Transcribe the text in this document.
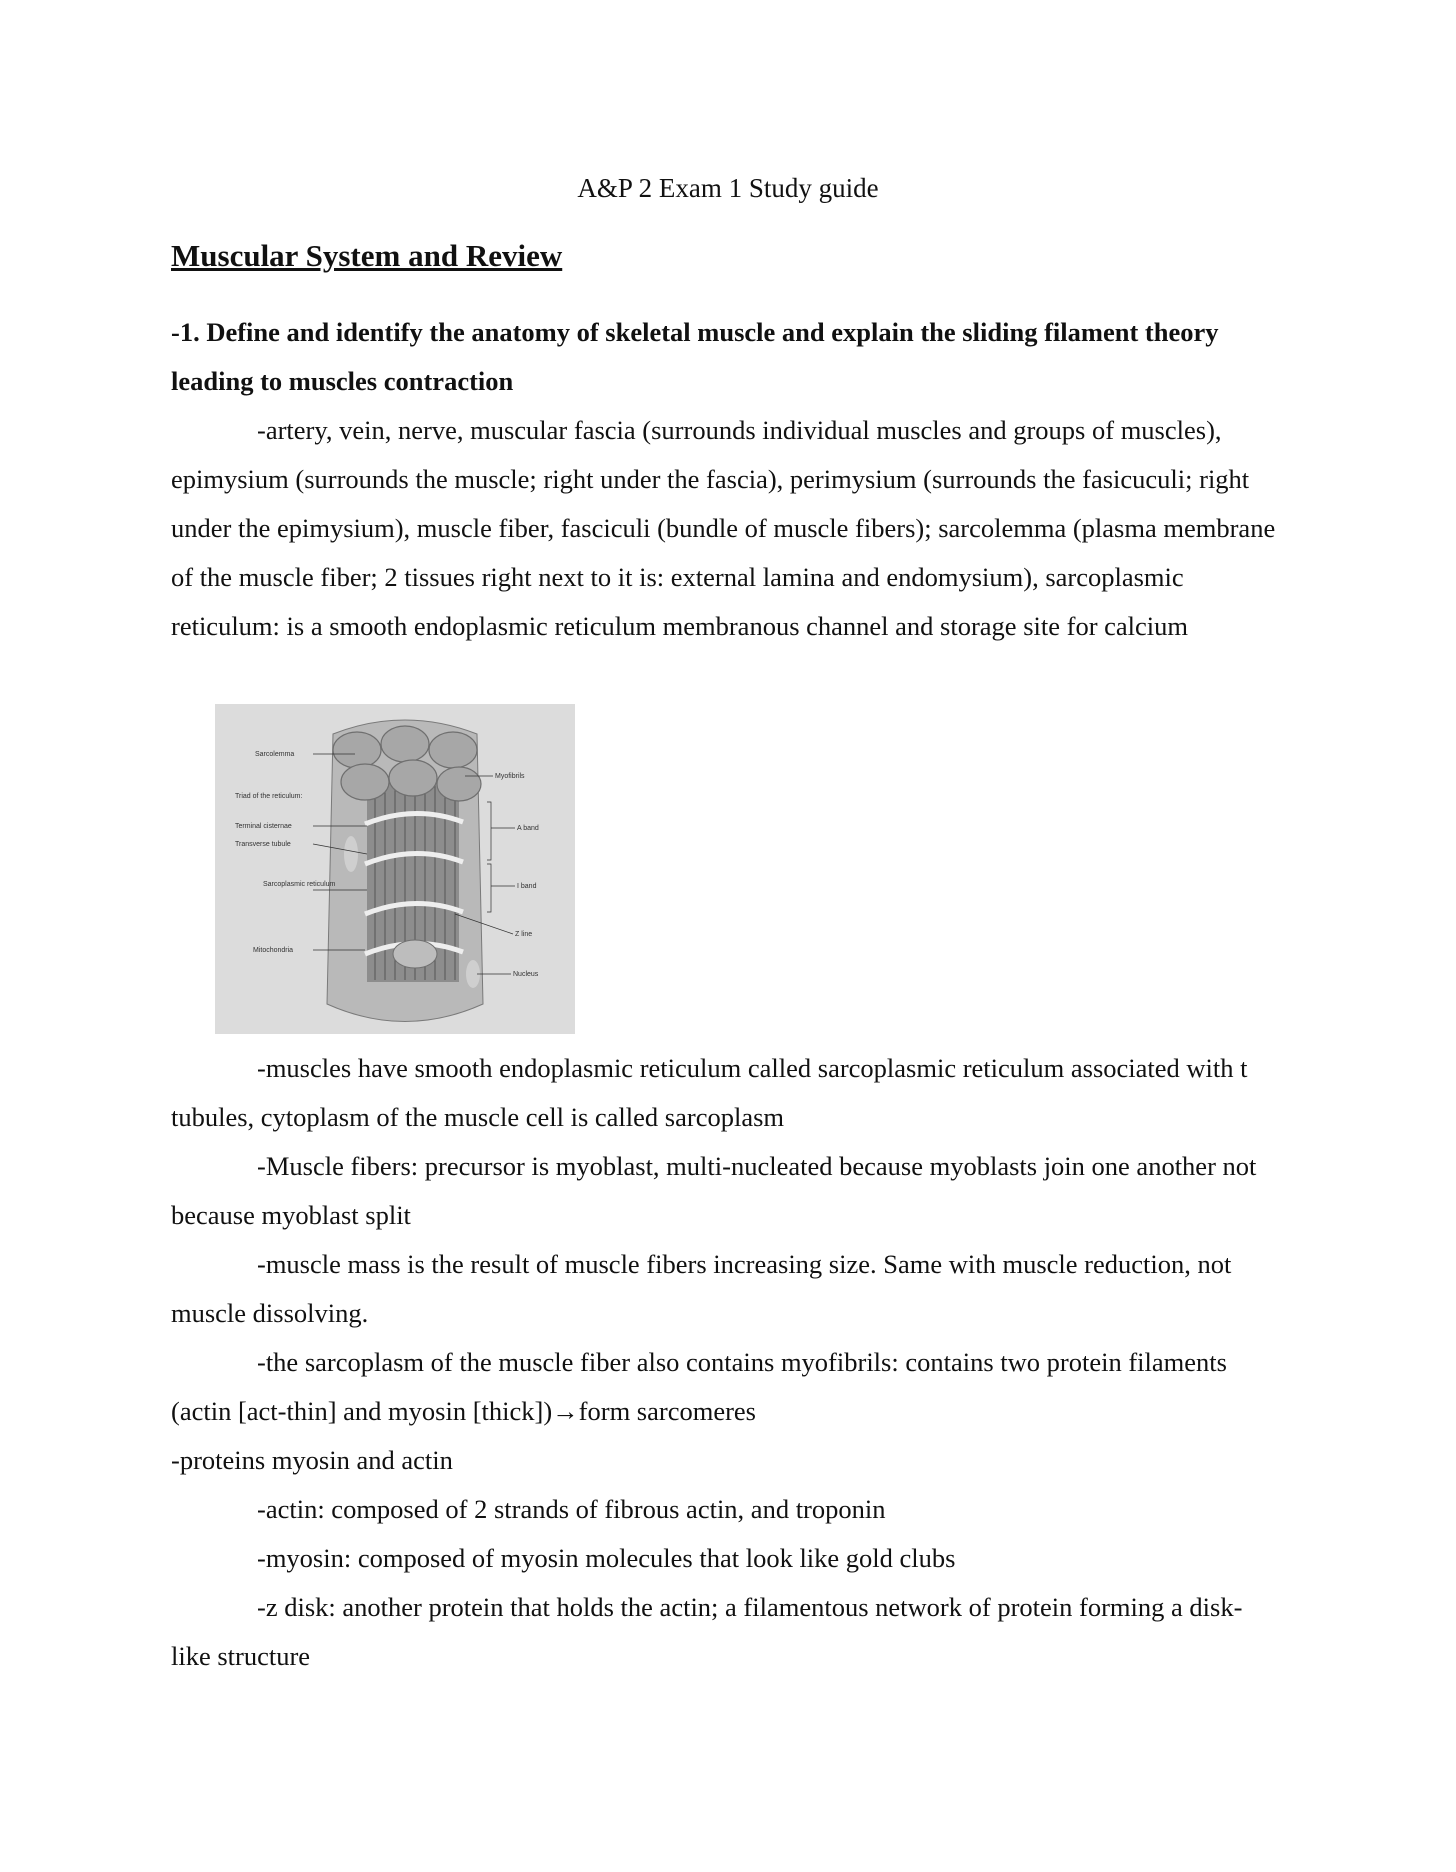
A&P 2 Exam 1 Study guide
Muscular System and Review
-1. Define and identify the anatomy of skeletal muscle and explain the sliding filament theory leading to muscles contraction
-artery, vein, nerve, muscular fascia (surrounds individual muscles and groups of muscles), epimysium (surrounds the muscle; right under the fascia), perimysium (surrounds the fasicuculi; right under the epimysium), muscle fiber, fasciculi (bundle of muscle fibers); sarcolemma (plasma membrane of the muscle fiber; 2 tissues right next to it is: external lamina and endomysium), sarcoplasmic reticulum: is a smooth endoplasmic reticulum membranous channel and storage site for calcium
Sarcolemma
Triad of the reticulum:
Terminal cisternae
Transverse tubule
Sarcoplasmic reticulum
Mitochondria
Myofibrils
A band
I band
Z line
Nucleus
-muscles have smooth endoplasmic reticulum called sarcoplasmic reticulum associated with t tubules, cytoplasm of the muscle cell is called sarcoplasm
-Muscle fibers: precursor is myoblast, multi-nucleated because myoblasts join one another not because myoblast split
-muscle mass is the result of muscle fibers increasing size. Same with muscle reduction, not muscle dissolving.
-the sarcoplasm of the muscle fiber also contains myofibrils: contains two protein filaments (actin [act-thin] and myosin [thick])→form sarcomeres
-proteins myosin and actin
-actin: composed of 2 strands of fibrous actin, and troponin
-myosin: composed of myosin molecules that look like gold clubs
-z disk: another protein that holds the actin; a filamentous network of protein forming a disk-like structure
